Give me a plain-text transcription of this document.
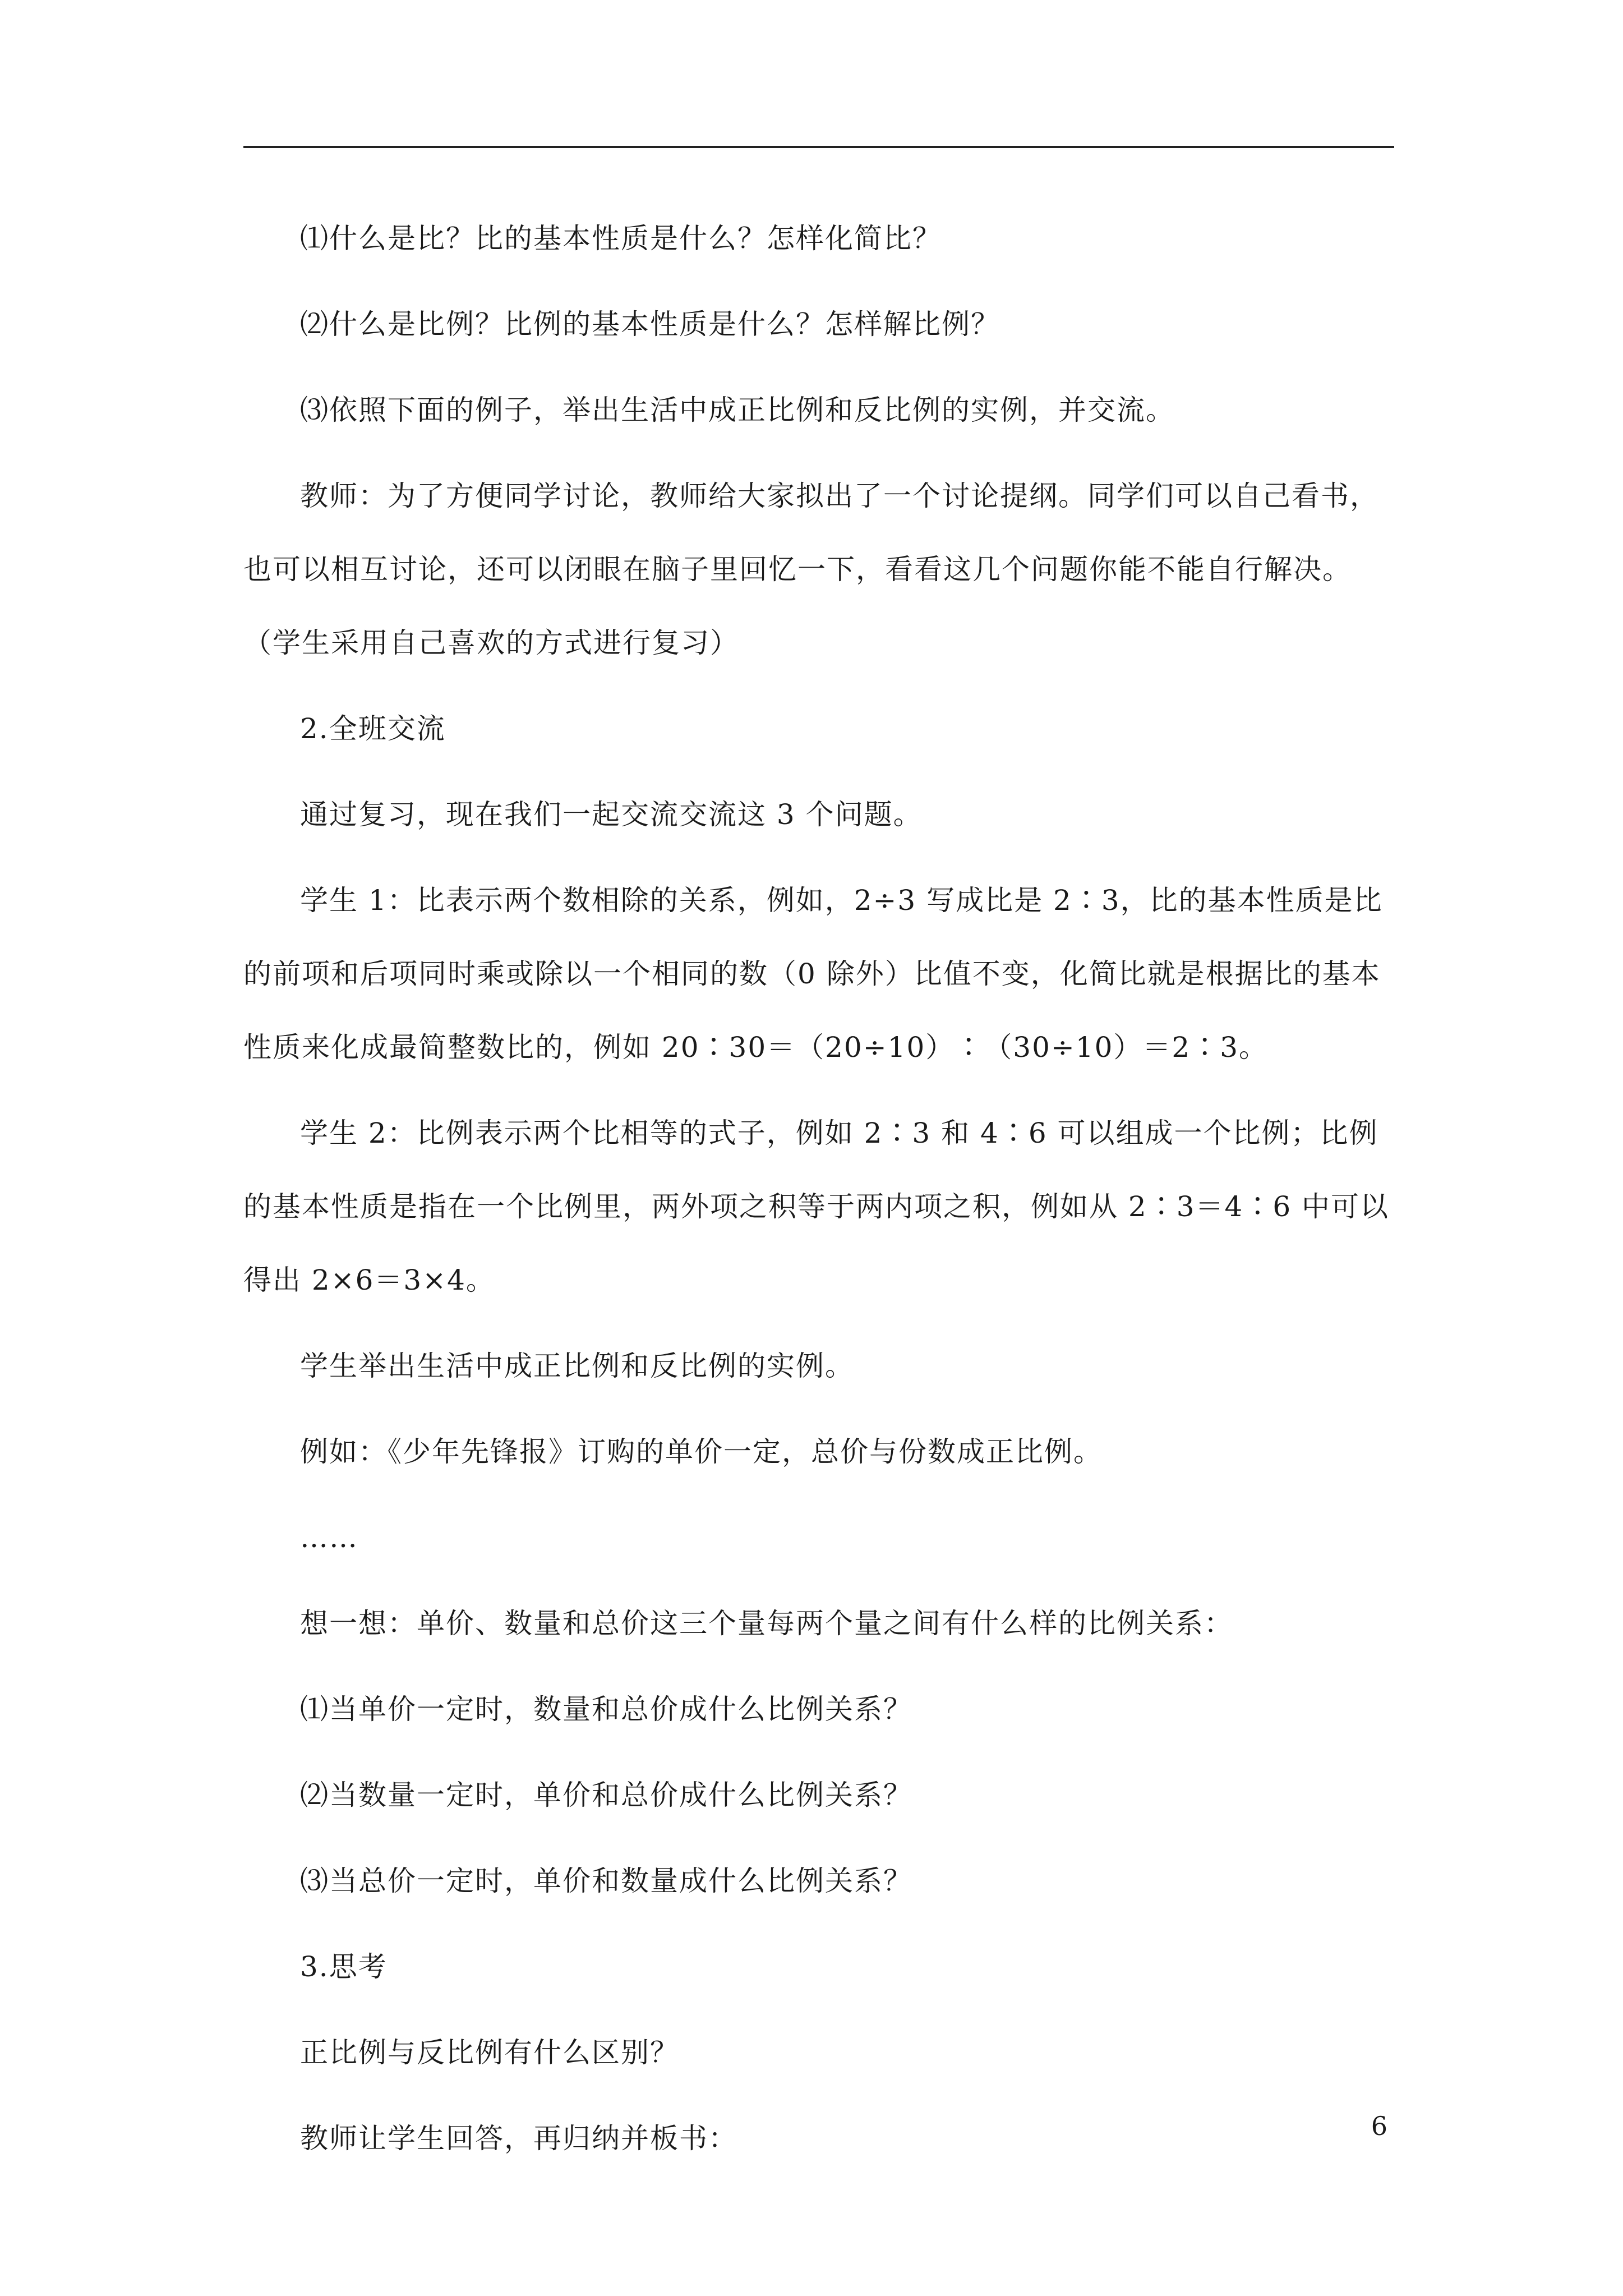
⑴什么是比？比的基本性质是什么？怎样化简比？

⑵什么是比例？比例的基本性质是什么？怎样解比例？

⑶依照下面的例子，举出生活中成正比例和反比例的实例，并交流。

教师：为了方便同学讨论，教师给大家拟出了一个讨论提纲。同学们可以自己看书，也可以相互讨论，还可以闭眼在脑子里回忆一下，看看这几个问题你能不能自行解决。（学生采用自己喜欢的方式进行复习）

2.全班交流

通过复习，现在我们一起交流交流这 3 个问题。

学生 1：比表示两个数相除的关系，例如，2÷3 写成比是 2∶3，比的基本性质是比的前项和后项同时乘或除以一个相同的数（0 除外）比值不变，化简比就是根据比的基本性质来化成最简整数比的，例如 20∶30＝（20÷10）∶（30÷10）＝2∶3。

学生 2：比例表示两个比相等的式子，例如 2∶3 和 4∶6 可以组成一个比例；比例的基本性质是指在一个比例里，两外项之积等于两内项之积，例如从 2∶3＝4∶6 中可以得出 2×6＝3×4。

学生举出生活中成正比例和反比例的实例。

例如：《少年先锋报》订购的单价一定，总价与份数成正比例。

……

想一想：单价、数量和总价这三个量每两个量之间有什么样的比例关系：

⑴当单价一定时，数量和总价成什么比例关系？

⑵当数量一定时，单价和总价成什么比例关系？

⑶当总价一定时，单价和数量成什么比例关系？

3.思考

正比例与反比例有什么区别？

教师让学生回答，再归纳并板书：	6
